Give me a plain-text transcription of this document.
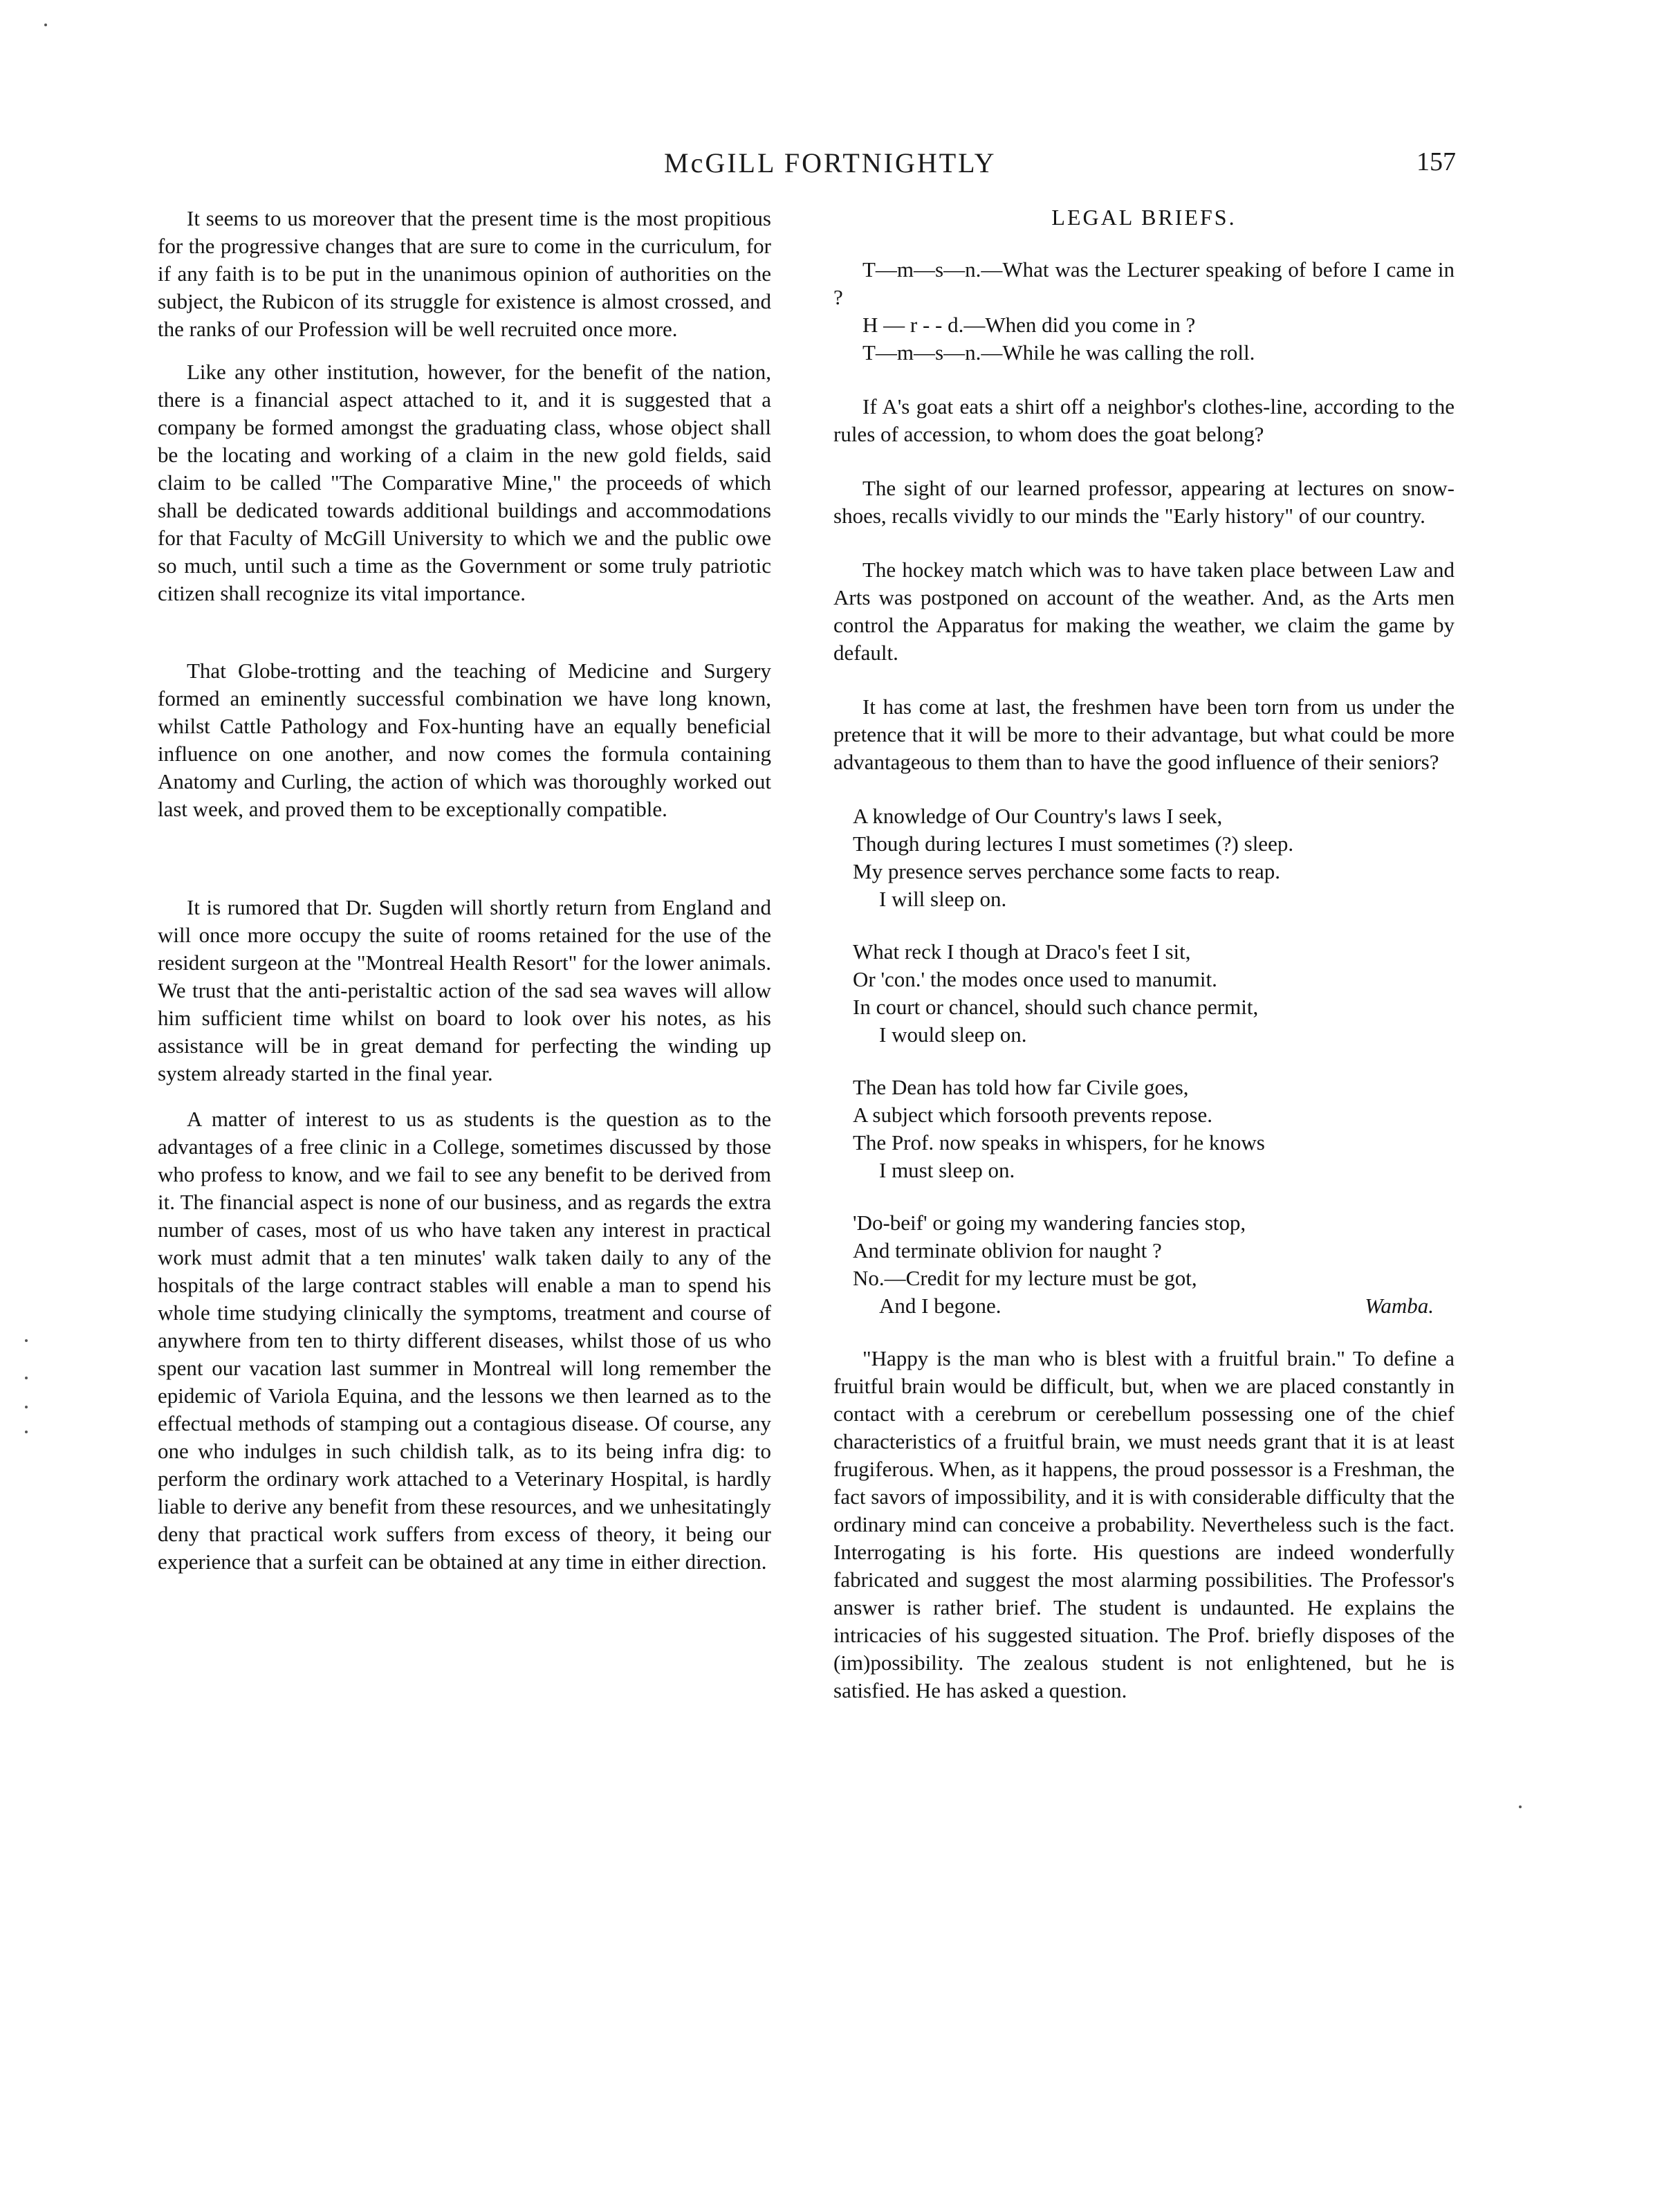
McGILL FORTNIGHTLY	157

It seems to us moreover that the present time is the most propitious for the progressive changes that are sure to come in the curriculum, for if any faith is to be put in the unanimous opinion of authorities on the subject, the Rubicon of its struggle for existence is almost crossed, and the ranks of our Profession will be well recruited once more.

Like any other institution, however, for the benefit of the nation, there is a financial aspect attached to it, and it is suggested that a company be formed amongst the graduating class, whose object shall be the locating and working of a claim in the new gold fields, said claim to be called "The Comparative Mine," the proceeds of which shall be dedicated towards additional buildings and accommodations for that Faculty of McGill University to which we and the public owe so much, until such a time as the Government or some truly patriotic citizen shall recognize its vital importance.

That Globe-trotting and the teaching of Medicine and Surgery formed an eminently successful combination we have long known, whilst Cattle Pathology and Fox-hunting have an equally beneficial influence on one another, and now comes the formula containing Anatomy and Curling, the action of which was thoroughly worked out last week, and proved them to be exceptionally compatible.

It is rumored that Dr. Sugden will shortly return from England and will once more occupy the suite of rooms retained for the use of the resident surgeon at the "Montreal Health Resort" for the lower animals. We trust that the anti-peristaltic action of the sad sea waves will allow him sufficient time whilst on board to look over his notes, as his assistance will be in great demand for perfecting the winding up system already started in the final year.

A matter of interest to us as students is the question as to the advantages of a free clinic in a College, sometimes discussed by those who profess to know, and we fail to see any benefit to be derived from it. The financial aspect is none of our business, and as regards the extra number of cases, most of us who have taken any interest in practical work must admit that a ten minutes' walk taken daily to any of the hospitals of the large contract stables will enable a man to spend his whole time studying clinically the symptoms, treatment and course of anywhere from ten to thirty different diseases, whilst those of us who spent our vacation last summer in Montreal will long remember the epidemic of Variola Equina, and the lessons we then learned as to the effectual methods of stamping out a contagious disease. Of course, any one who indulges in such childish talk, as to its being infra dig: to perform the ordinary work attached to a Veterinary Hospital, is hardly liable to derive any benefit from these resources, and we unhesitatingly deny that practical work suffers from excess of theory, it being our experience that a surfeit can be obtained at any time in either direction.

LEGAL BRIEFS.

T—m—s—n.—What was the Lecturer speaking of before I came in ?

H — r - - d.—When did you come in ?

T—m—s—n.—While he was calling the roll.

If A's goat eats a shirt off a neighbor's clothes-line, according to the rules of accession, to whom does the goat belong?

The sight of our learned professor, appearing at lectures on snow-shoes, recalls vividly to our minds the "Early history" of our country.

The hockey match which was to have taken place between Law and Arts was postponed on account of the weather. And, as the Arts men control the Apparatus for making the weather, we claim the game by default.

It has come at last, the freshmen have been torn from us under the pretence that it will be more to their advantage, but what could be more advantageous to them than to have the good influence of their seniors?

A knowledge of Our Country's laws I seek,
Though during lectures I must sometimes (?) sleep.
My presence serves perchance some facts to reap.
I will sleep on.
What reck I though at Draco's feet I sit,
Or 'con.' the modes once used to manumit.
In court or chancel, should such chance permit,
I would sleep on.
The Dean has told how far Civile goes,
A subject which forsooth prevents repose.
The Prof. now speaks in whispers, for he knows
I must sleep on.
'Do-beif' or going my wandering fancies stop,
And terminate oblivion for naught ?
No.—Credit for my lecture must be got,
And I begone.	Wamba.

"Happy is the man who is blest with a fruitful brain." To define a fruitful brain would be difficult, but, when we are placed constantly in contact with a cerebrum or cerebellum possessing one of the chief characteristics of a fruitful brain, we must needs grant that it is at least frugiferous. When, as it happens, the proud possessor is a Freshman, the fact savors of impossibility, and it is with considerable difficulty that the ordinary mind can conceive a probability. Nevertheless such is the fact. Interrogating is his forte. His questions are indeed wonderfully fabricated and suggest the most alarming possibilities. The Professor's answer is rather brief. The student is undaunted. He explains the intricacies of his suggested situation. The Prof. briefly disposes of the (im)possibility. The zealous student is not enlightened, but he is satisfied. He has asked a question.
